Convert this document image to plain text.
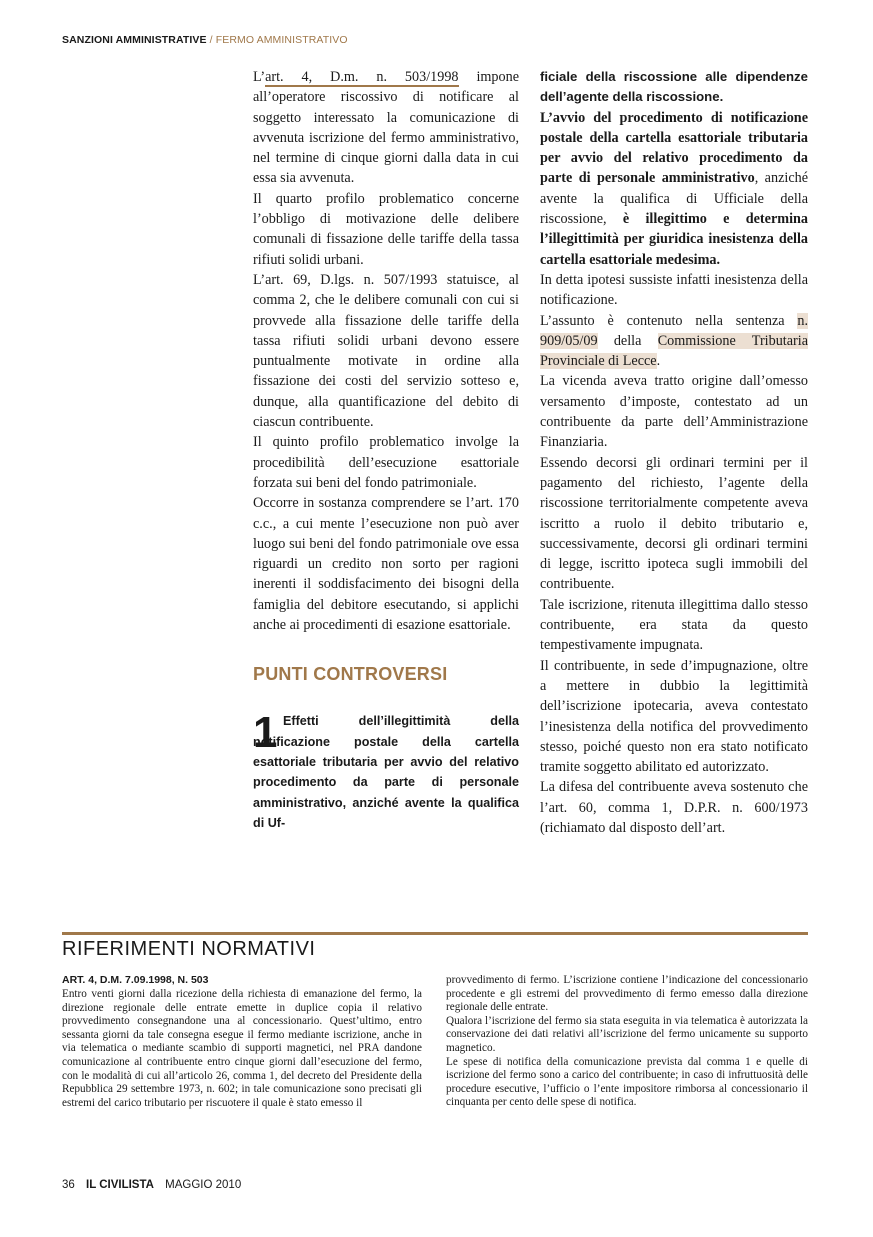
SANZIONI AMMINISTRATIVE / FERMO AMMINISTRATIVO

L’art. 4, D.m. n. 503/1998 impone all’operatore riscossivo di notificare al soggetto interessato la comunicazione di avvenuta iscrizione del fermo amministrativo, nel termine di cinque giorni dalla data in cui essa sia avvenuta.

Il quarto profilo problematico concerne l’obbligo di motivazione delle delibere comunali di fissazione delle tariffe della tassa rifiuti solidi urbani.

L’art. 69, D.lgs. n. 507/1993 statuisce, al comma 2, che le delibere comunali con cui si provvede alla fissazione delle tariffe della tassa rifiuti solidi urbani devono essere puntualmente motivate in ordine alla fissazione dei costi del servizio sotteso e, dunque, alla quantificazione del debito di ciascun contribuente.

Il quinto profilo problematico involge la procedibilità dell’esecuzione esattoriale forzata sui beni del fondo patrimoniale.

Occorre in sostanza comprendere se l’art. 170 c.c., a cui mente l’esecuzione non può aver luogo sui beni del fondo patrimoniale ove essa riguardi un credito non sorto per ragioni inerenti il soddisfacimento dei bisogni della famiglia del debitore esecutando, si applichi anche ai procedimenti di esazione esattoriale.

PUNTI CONTROVERSI
1 Effetti dell’illegittimità della notificazione postale della cartella esattoriale tributaria per avvio del relativo procedimento da parte di personale amministrativo, anziché avente la qualifica di Uf-

ficiale della riscossione alle dipendenze dell’agente della riscossione.

L’avvio del procedimento di notificazione postale della cartella esattoriale tributaria per avvio del relativo procedimento da parte di personale amministrativo, anziché avente la qualifica di Ufficiale della riscossione, è illegittimo e determina l’illegittimità per giuridica inesistenza della cartella esattoriale medesima.

In detta ipotesi sussiste infatti inesistenza della notificazione.

L’assunto è contenuto nella sentenza n. 909/05/09 della Commissione Tributaria Provinciale di Lecce.

La vicenda aveva tratto origine dall’omesso versamento d’imposte, contestato ad un contribuente da parte dell’Amministrazione Finanziaria.

Essendo decorsi gli ordinari termini per il pagamento del richiesto, l’agente della riscossione territorialmente competente aveva iscritto a ruolo il debito tributario e, successivamente, decorsi gli ordinari termini di legge, iscritto ipoteca sugli immobili del contribuente.

Tale iscrizione, ritenuta illegittima dallo stesso contribuente, era stata da questo tempestivamente impugnata.

Il contribuente, in sede d’impugnazione, oltre a mettere in dubbio la legittimità dell’iscrizione ipotecaria, aveva contestato l’inesistenza della notifica del provvedimento stesso, poiché questo non era stato notificato tramite soggetto abilitato ed autorizzato.

La difesa del contribuente aveva sostenuto che l’art. 60, comma 1, D.P.R. n. 600/1973 (richiamato dal disposto dell’art.

RIFERIMENTI NORMATIVI

ART. 4, D.M. 7.09.1998, N. 503

Entro venti giorni dalla ricezione della richiesta di emanazione del fermo, la direzione regionale delle entrate emette in duplice copia il relativo provvedimento consegnandone una al concessionario. Quest’ultimo, entro sessanta giorni da tale consegna esegue il fermo mediante iscrizione, anche in via telematica o mediante scambio di supporti magnetici, nel PRA dandone comunicazione al contribuente entro cinque giorni dall’esecuzione del fermo, con le modalità di cui all’articolo 26, comma 1, del decreto del Presidente della Repubblica 29 settembre 1973, n. 602; in tale comunicazione sono precisati gli estremi del carico tributario per riscuotere il quale è stato emesso il

provvedimento di fermo. L’iscrizione contiene l’indicazione del concessionario procedente e gli estremi del provvedimento di fermo emesso dalla direzione regionale delle entrate.

Qualora l’iscrizione del fermo sia stata eseguita in via telematica è autorizzata la conservazione dei dati relativi all’iscrizione del fermo unicamente su supporto magnetico.

Le spese di notifica della comunicazione prevista dal comma 1 e quelle di iscrizione del fermo sono a carico del contribuente; in caso di infruttuosità delle procedure esecutive, l’ufficio o l’ente impositore rimborsa al concessionario il cinquanta per cento delle spese di notifica.

36 IL CIVILISTA MAGGIO 2010
